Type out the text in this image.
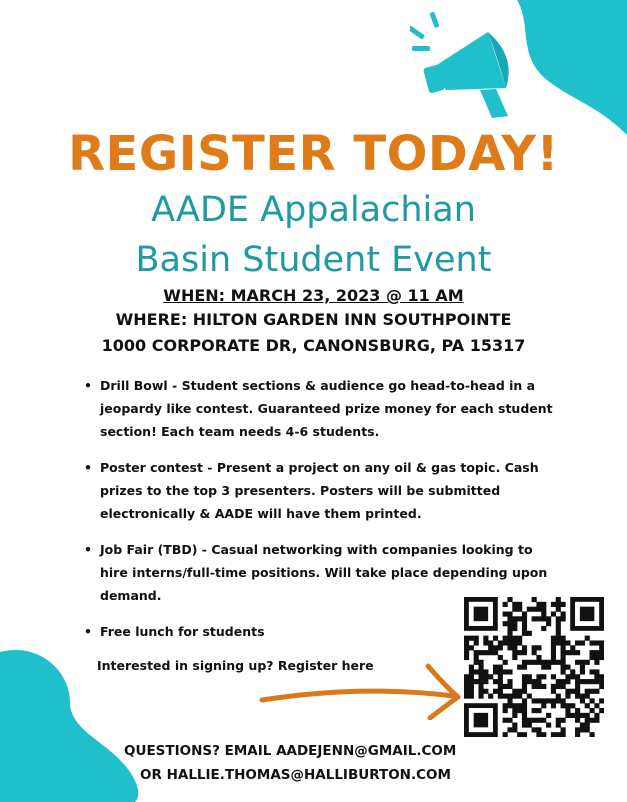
REGISTER TODAY!
AADE Appalachian
Basin Student Event
WHEN: MARCH 23, 2023 @ 11 AM
WHERE: HILTON GARDEN INN SOUTHPOINTE
1000 CORPORATE DR, CANONSBURG, PA 15317
• Drill Bowl - Student sections & audience go head-to-head in a jeopardy like contest. Guaranteed prize money for each student section! Each team needs 4-6 students.
• Poster contest - Present a project on any oil & gas topic. Cash prizes to the top 3 presenters. Posters will be submitted electronically & AADE will have them printed.
• Job Fair (TBD) - Casual networking with companies looking to hire interns/full-time positions. Will take place depending upon demand.
• Free lunch for students
Interested in signing up? Register here
QUESTIONS? EMAIL AADEJENN@GMAIL.COM
OR HALLIE.THOMAS@HALLIBURTON.COM
